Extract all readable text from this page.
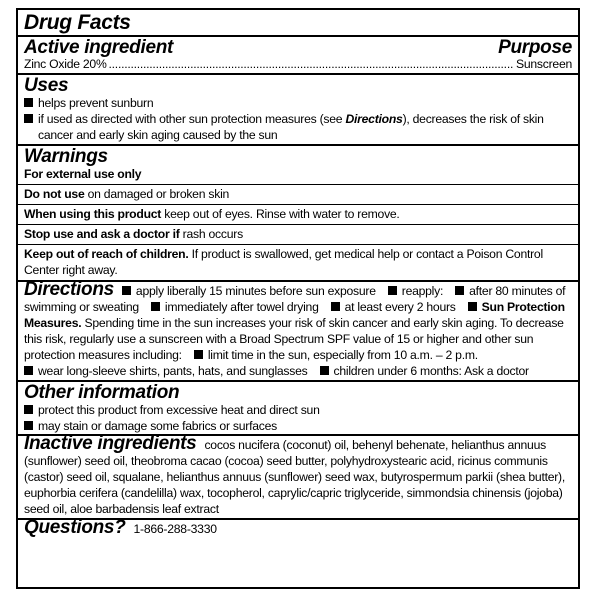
Drug Facts
Active ingredient	Purpose
Zinc Oxide 20%
.....	Sunscreen
Uses
helps prevent sunburn
if used as directed with other sun protection measures (see Directions), decreases the risk of skin cancer and early skin aging caused by the sun
Warnings
For external use only
Do not use on damaged or broken skin
When using this product keep out of eyes. Rinse with water to remove.
Stop use and ask a doctor if rash occurs
Keep out of reach of children. If product is swallowed, get medical help or contact a Poison Control Center right away.
Directions apply liberally 15 minutes before sun exposure reapply: after 80 minutes of swimming or sweating immediately after towel drying at least every 2 hours Sun Protection Measures. Spending time in the sun increases your risk of skin cancer and early skin aging. To decrease this risk, regularly use a sunscreen with a Broad Spectrum SPF value of 15 or higher and other sun protection measures including: limit time in the sun, especially from 10 a.m. – 2 p.m.
wear long-sleeve shirts, pants, hats, and sunglasses children under 6 months: Ask a doctor
Other information
protect this product from excessive heat and direct sun
may stain or damage some fabrics or surfaces
Inactive ingredients cocos nucifera (coconut) oil, behenyl behenate, helianthus annuus (sunflower) seed oil, theobroma cacao (cocoa) seed butter, polyhydroxystearic acid, ricinus communis (castor) seed oil, squalane, helianthus annuus (sunflower) seed wax, butyrospermum parkii (shea butter), euphorbia cerifera (candelilla) wax, tocopherol, caprylic/capric triglyceride, simmondsia chinensis (jojoba) seed oil, aloe barbadensis leaf extract
Questions? 1-866-288-3330
